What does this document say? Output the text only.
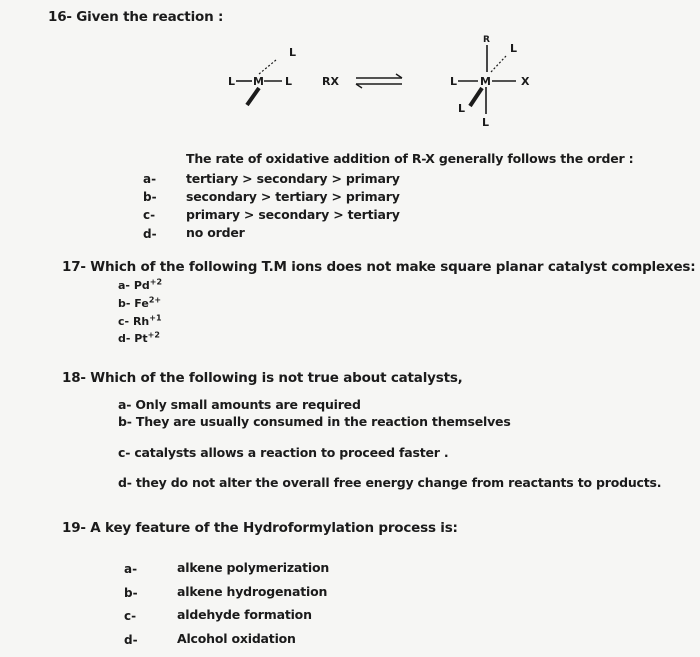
16- Given the reaction :
L M L
L
RX
R
L
L M	X
L
L
The rate of oxidative addition of R-X generally follows the order :
a- tertiary > secondary > primary
b- secondary > tertiary > primary
c- primary > secondary > tertiary
d- no order
17- Which of the following T.M ions does not make square planar catalyst complexes:
a- $Pd^{+2}$
b- $Fe^{2+}$
c- $Rh^{+1}$
d- $Pt^{+2}$
18- Which of the following is not true about catalysts,
a- Only small amounts are required
b- They are usually consumed in the reaction themselves
c- catalysts allows a reaction to proceed faster .
d- they do not alter the overall free energy change from reactants to products.
19- A key feature of the Hydroformylation process is:
a-	alkene polymerization
b-	alkene hydrogenation
c-	aldehyde formation
d-	Alcohol oxidation
